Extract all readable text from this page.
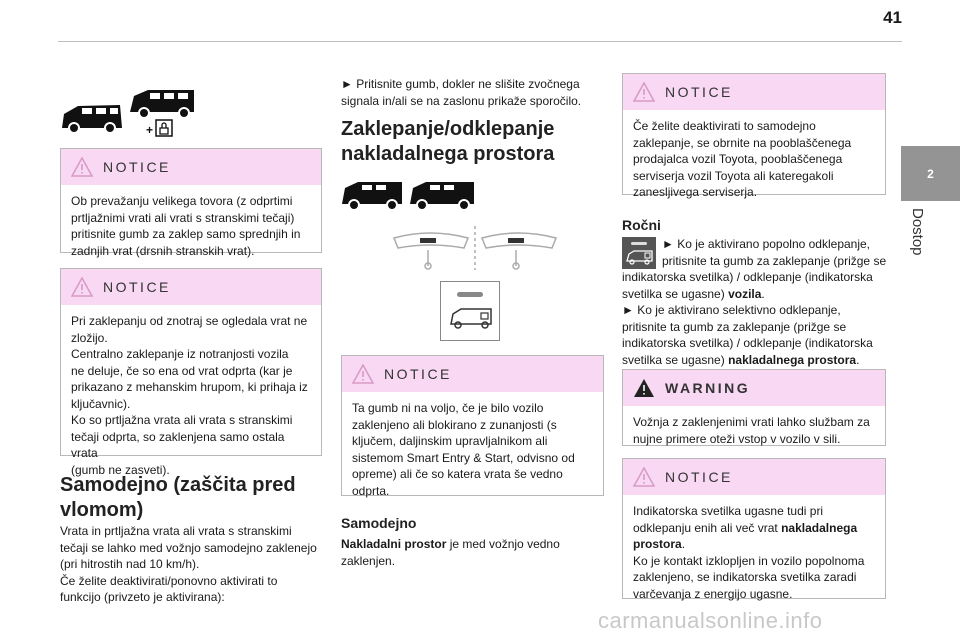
41
2
Dostop
+
NOTICE
Ob prevažanju velikega tovora (z odprtimi
prtljažnimi vrati ali vrati s stranskimi tečaji)
pritisnite gumb za zaklep samo sprednjih in
zadnjih vrat (drsnih stranskih vrat).
NOTICE
Pri zaklepanju od znotraj se ogledala vrat ne
zložijo.
Centralno zaklepanje iz notranjosti vozila
ne deluje, če so ena od vrat odprta (kar je
prikazano z mehanskim hrupom, ki prihaja iz
ključavnic).
Ko so prtljažna vrata ali vrata s stranskimi
tečaji odprta, so zaklenjena samo ostala vrata
(gumb ne zasveti).
Samodejno (zaščita pred vlomom)
Vrata in prtljažna vrata ali vrata s stranskimi
tečaji se lahko med vožnjo samodejno zaklenejo
(pri hitrostih nad 10 km/h).
Če želite deaktivirati/ponovno aktivirati to
funkcijo (privzeto je aktivirana):
► Pritisnite gumb, dokler ne slišite zvočnega
signala in/ali se na zaslonu prikaže sporočilo.
Zaklepanje/odklepanje nakladalnega prostora
NOTICE
Ta gumb ni na voljo, če je bilo vozilo
zaklenjeno ali blokirano z zunanjosti (s
ključem, daljinskim upravljalnikom ali
sistemom Smart Entry & Start, odvisno od
opreme) ali če so katera vrata še vedno
odprta.
Samodejno
Nakladalni prostor je med vožnjo vedno
zaklenjen.
NOTICE
Če želite deaktivirati to samodejno
zaklepanje, se obrnite na pooblaščenega
prodajalca vozil Toyota, pooblaščenega
serviserja vozil Toyota ali kateregakoli
zanesljivega serviserja.
Ročni
► Ko je aktivirano popolno odklepanje,
pritisnite ta gumb za zaklepanje (prižge se
indikatorska svetilka) / odklepanje (indikatorska
svetilka se ugasne) vozila.
► Ko je aktivirano selektivno odklepanje,
pritisnite ta gumb za zaklepanje (prižge se
indikatorska svetilka) / odklepanje (indikatorska
svetilka se ugasne) nakladalnega prostora.
WARNING
Vožnja z zaklenjenimi vrati lahko službam za
nujne primere oteži vstop v vozilo v sili.
NOTICE
Indikatorska svetilka ugasne tudi pri
odklepanju enih ali več vrat nakladalnega
prostora.
Ko je kontakt izklopljen in vozilo popolnoma
zaklenjeno, se indikatorska svetilka zaradi
varčevanja z energijo ugasne.
carmanualsonline.info
